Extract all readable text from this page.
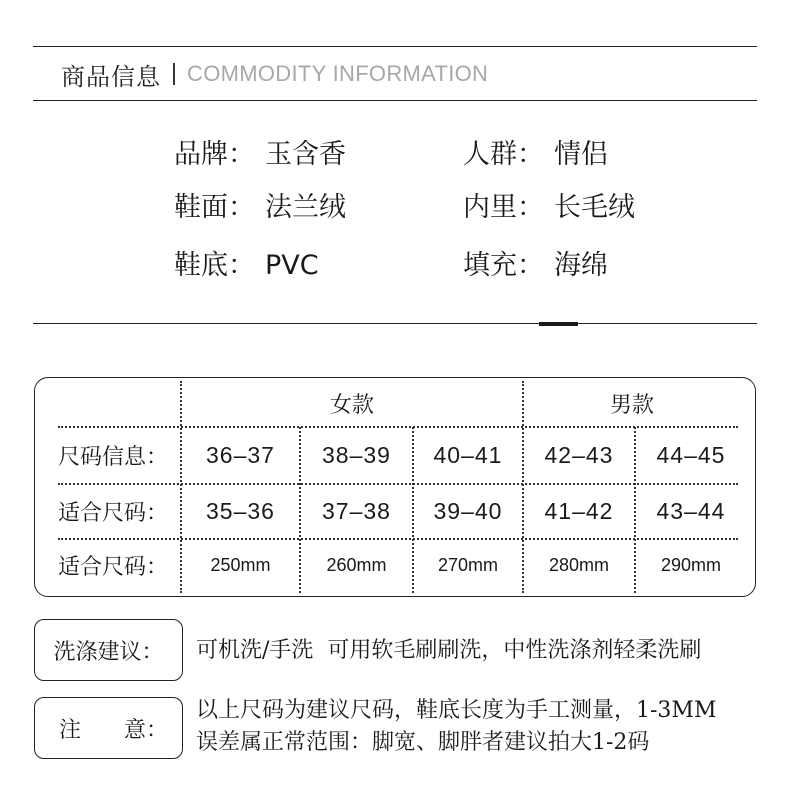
商品信息 COMMODITY INFORMATION
品牌： 玉含香	人群： 情侣
鞋面： 法兰绒	内里： 长毛绒
鞋底： PVC	填充： 海绵
女款	男款
尺码信息：	36–37	38–39	40–41	42–43	44–45
适合尺码：	35–36	37–38	39–40	41–42	43–44
适合尺码：	250mm	260mm	270mm	280mm	290mm
洗涤建议： 可机洗/手洗  可用软毛刷刷洗，中性洗涤剂轻柔洗刷
注 意：
以上尺码为建议尺码，鞋底长度为手工测量，1-3MM
误差属正常范围：脚宽、脚胖者建议拍大1-2码
